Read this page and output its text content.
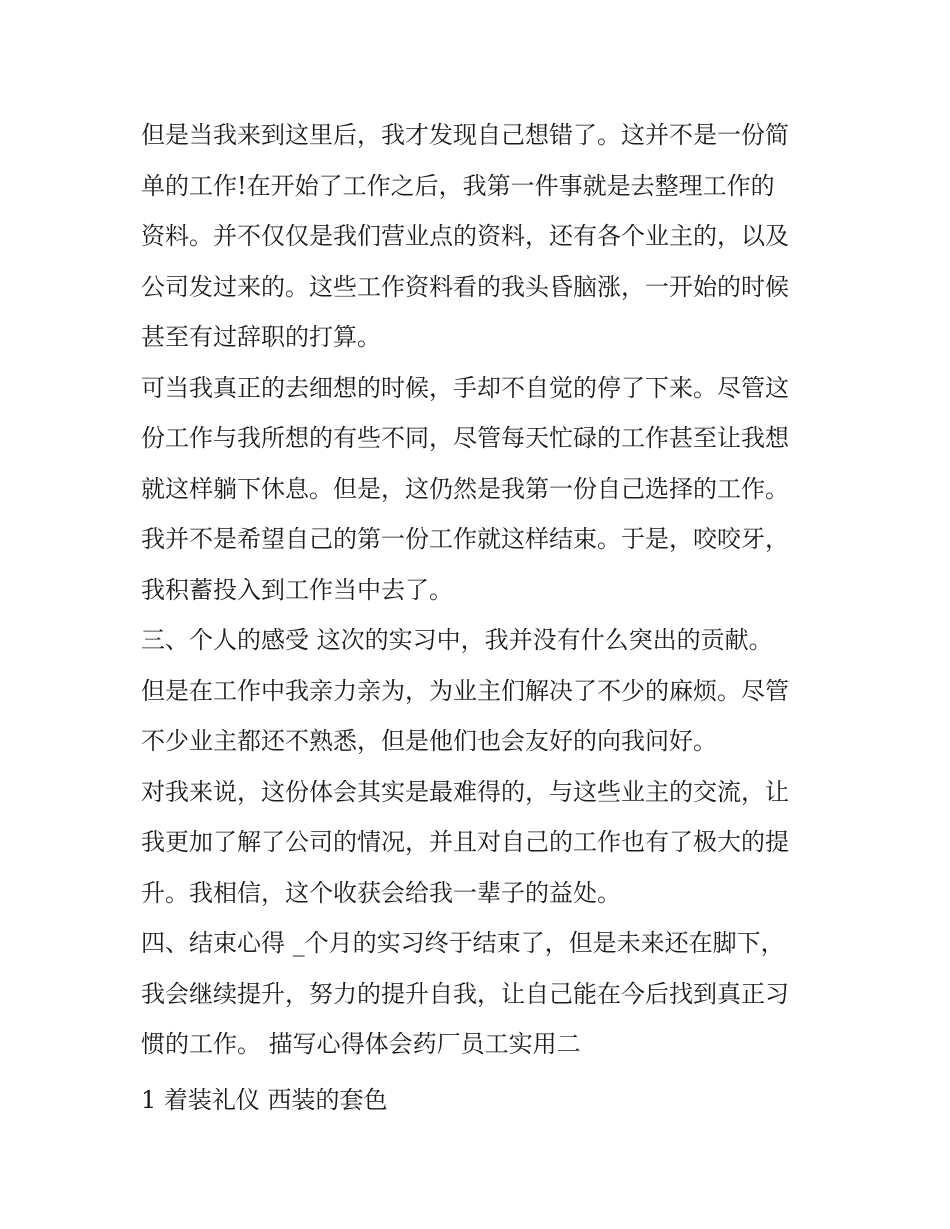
但是当我来到这里后，我才发现自己想错了。这并不是一份简
单的工作!在开始了工作之后，我第一件事就是去整理工作的
资料。并不仅仅是我们营业点的资料，还有各个业主的，以及
公司发过来的。这些工作资料看的我头昏脑涨，一开始的时候
甚至有过辞职的打算。
可当我真正的去细想的时候，手却不自觉的停了下来。尽管这
份工作与我所想的有些不同，尽管每天忙碌的工作甚至让我想
就这样躺下休息。但是，这仍然是我第一份自己选择的工作。
我并不是希望自己的第一份工作就这样结束。于是，咬咬牙，
我积蓄投入到工作当中去了。
三、个人的感受 这次的实习中，我并没有什么突出的贡献。
但是在工作中我亲力亲为，为业主们解决了不少的麻烦。尽管
不少业主都还不熟悉，但是他们也会友好的向我问好。
对我来说，这份体会其实是最难得的，与这些业主的交流，让
我更加了解了公司的情况，并且对自己的工作也有了极大的提
升。我相信，这个收获会给我一辈子的益处。
四、结束心得 _个月的实习终于结束了，但是未来还在脚下，
我会继续提升，努力的提升自我，让自己能在今后找到真正习
惯的工作。 描写心得体会药厂员工实用二
1 着装礼仪 西装的套色
